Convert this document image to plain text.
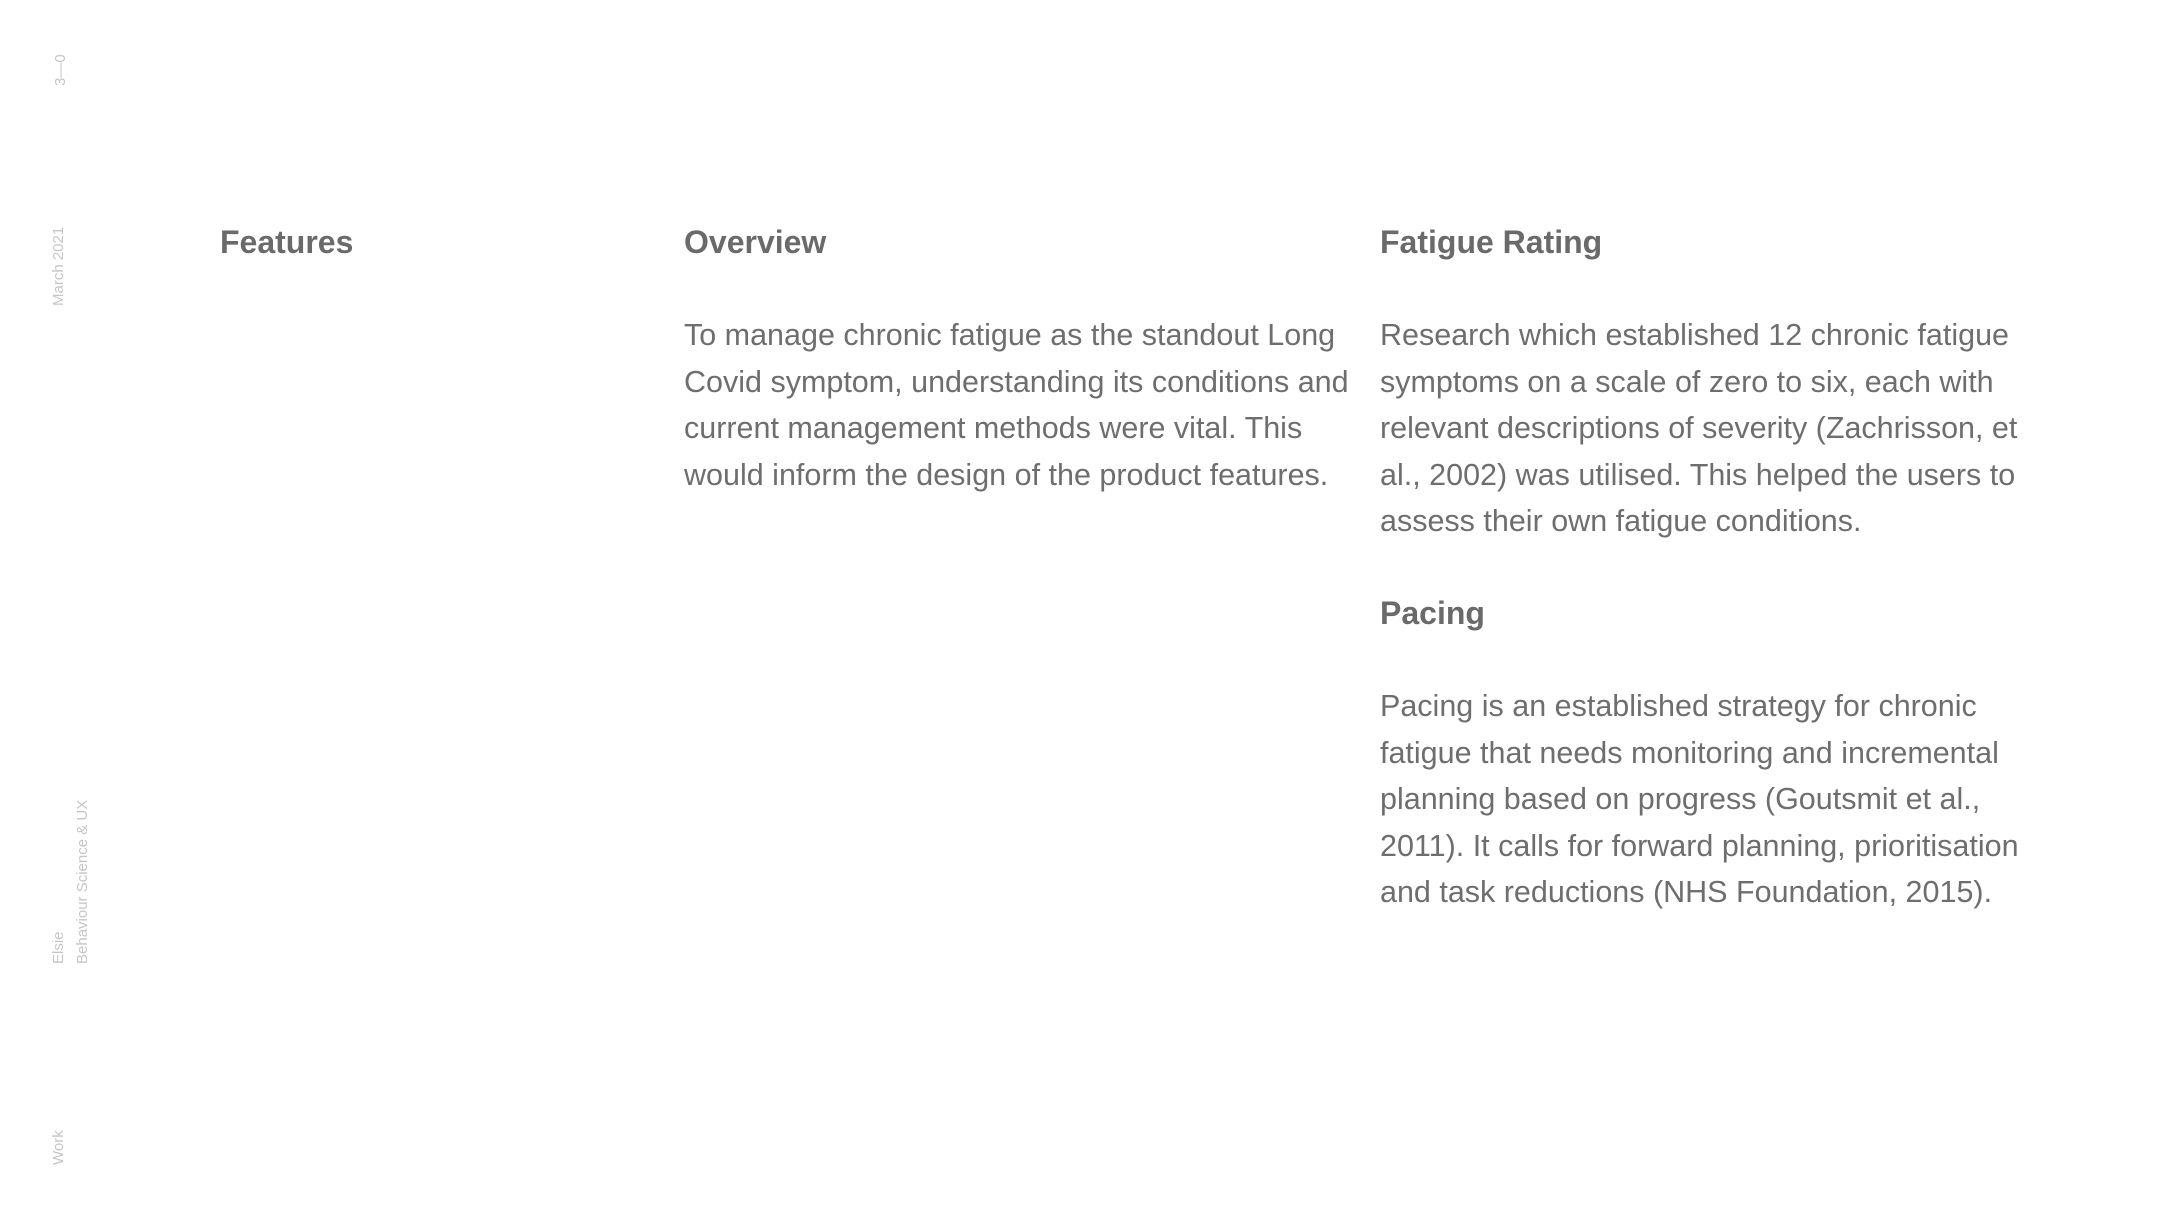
3—0
March 2021
Elsie Behaviour Science & UX
Work
Features	Overview

To manage chronic fatigue as the standout Long Covid symptom, understanding its conditions and current management methods were vital. This would inform the design of the product features.

Fatigue Rating

Research which established 12 chronic fatigue symptoms on a scale of zero to six, each with relevant descriptions of severity (Zachrisson, et al., 2002) was utilised. This helped the users to assess their own fatigue conditions.

Pacing

Pacing is an established strategy for chronic fatigue that needs monitoring and incremental planning based on progress (Goutsmit et al., 2011). It calls for forward planning, prioritisation and task reductions (NHS Foundation, 2015).
